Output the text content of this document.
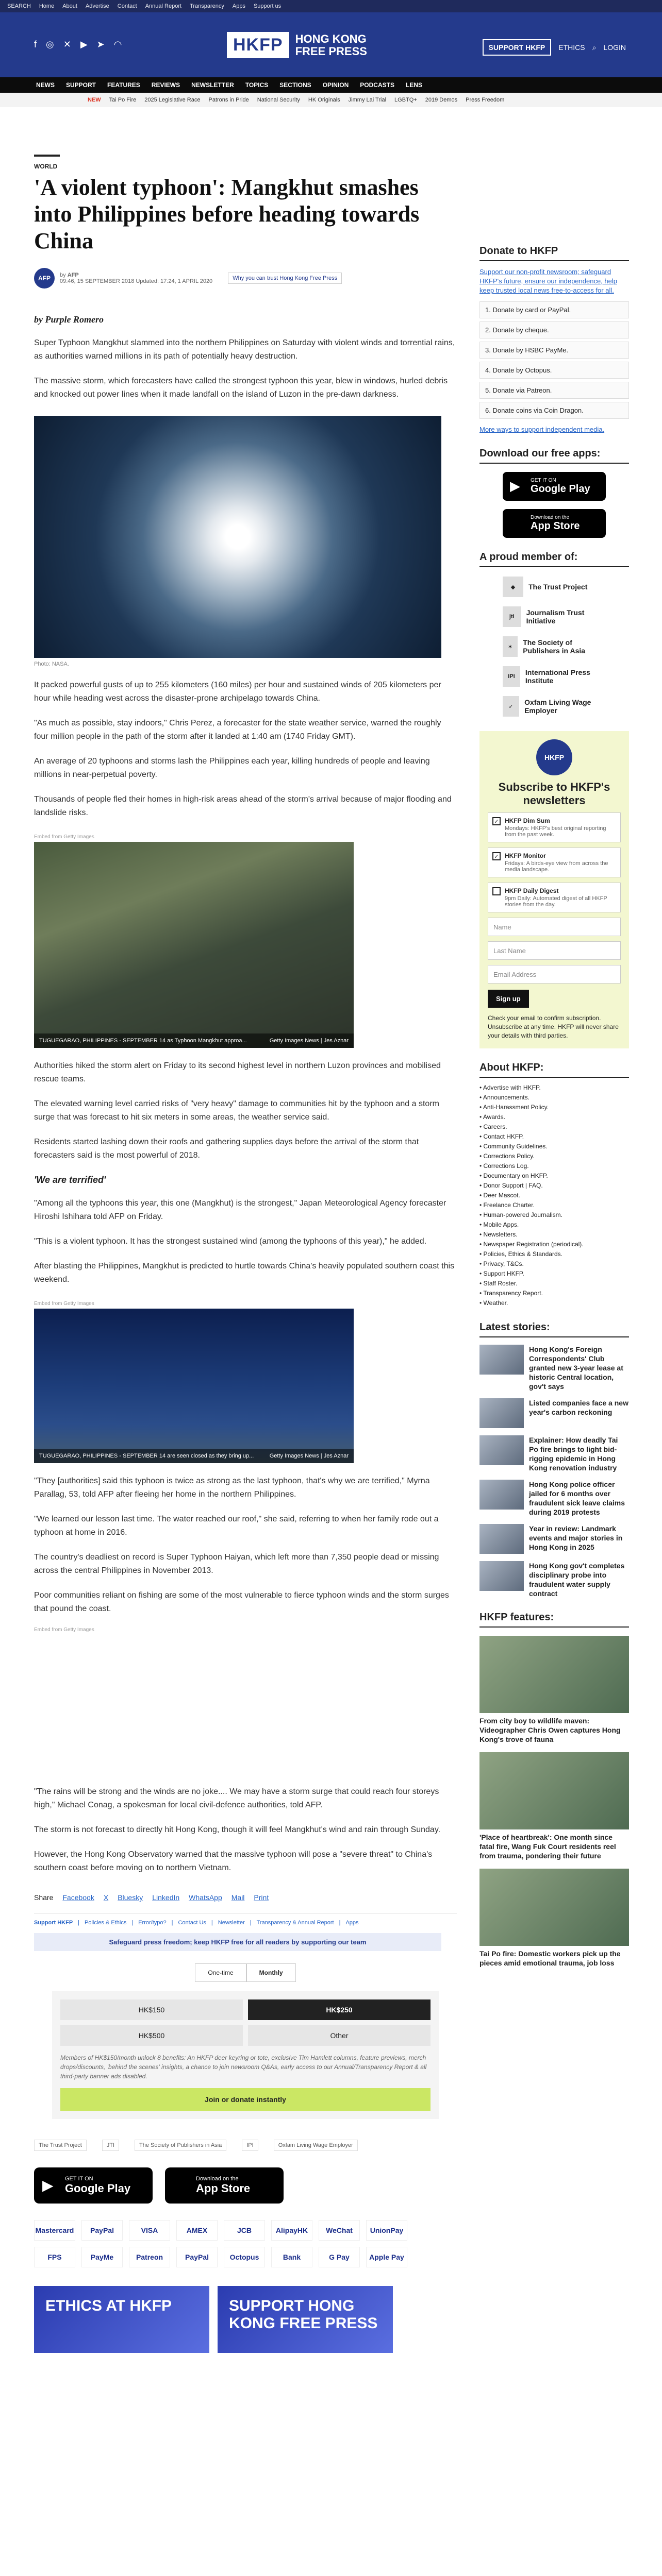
SEARCH Home About Advertise Contact Annual Report Transparency Apps Support us
f ◎ ✕ ▶ ➤ ◠	HKFP	HONG KONG
FREE PRESS	SUPPORT HKFP	ETHICS ⌕ LOGIN
NEWS SUPPORT FEATURES REVIEWS NEWSLETTER TOPICS SECTIONS OPINION PODCASTS LENS
NEW Tai Po Fire 2025 Legislative Race Patrons in Pride National Security HK Originals Jimmy Lai Trial LGBTQ+ 2019 Demos Press Freedom
WORLD
'A violent typhoon': Mangkhut smashes into Philippines before heading towards China
AFP	by AFP
09:46, 15 SEPTEMBER 2018 Updated: 17:24, 1 APRIL 2020	Why you can trust Hong Kong Free Press
by Purple Romero

Super Typhoon Mangkhut slammed into the northern Philippines on Saturday with violent winds and torrential rains, as authorities warned millions in its path of potentially heavy destruction.

The massive storm, which forecasters have called the strongest typhoon this year, blew in windows, hurled debris and knocked out power lines when it made landfall on the island of Luzon in the pre-dawn darkness.

Photo: NASA.

It packed powerful gusts of up to 255 kilometers (160 miles) per hour and sustained winds of 205 kilometers per hour while heading west across the disaster-prone archipelago towards China.

"As much as possible, stay indoors," Chris Perez, a forecaster for the state weather service, warned the roughly four million people in the path of the storm after it landed at 1:40 am (1740 Friday GMT).

An average of 20 typhoons and storms lash the Philippines each year, killing hundreds of people and leaving millions in near-perpetual poverty.

Thousands of people fled their homes in high-risk areas ahead of the storm's arrival because of major flooding and landslide risks.

Embed from Getty Images
TUGUEGARAO, PHILIPPINES - SEPTEMBER 14 as Typhoon Mangkhut approa...	Getty Images News | Jes Aznar

Authorities hiked the storm alert on Friday to its second highest level in northern Luzon provinces and mobilised rescue teams.

The elevated warning level carried risks of "very heavy" damage to communities hit by the typhoon and a storm surge that was forecast to hit six meters in some areas, the weather service said.

Residents started lashing down their roofs and gathering supplies days before the arrival of the storm that forecasters said is the most powerful of 2018.

'We are terrified'

"Among all the typhoons this year, this one (Mangkhut) is the strongest," Japan Meteorological Agency forecaster Hiroshi Ishihara told AFP on Friday.

"This is a violent typhoon. It has the strongest sustained wind (among the typhoons of this year)," he added.

After blasting the Philippines, Mangkhut is predicted to hurtle towards China's heavily populated southern coast this weekend.

Embed from Getty Images
TUGUEGARAO, PHILIPPINES - SEPTEMBER 14 are seen closed as they bring up...	Getty Images News | Jes Aznar

"They [authorities] said this typhoon is twice as strong as the last typhoon, that's why we are terrified," Myrna Parallag, 53, told AFP after fleeing her home in the northern Philippines.

"We learned our lesson last time. The water reached our roof," she said, referring to when her family rode out a typhoon at home in 2016.

The country's deadliest on record is Super Typhoon Haiyan, which left more than 7,350 people dead or missing across the central Philippines in November 2013.

Poor communities reliant on fishing are some of the most vulnerable to fierce typhoon winds and the storm surges that pound the coast.

Embed from Getty Images

"The rains will be strong and the winds are no joke.... We may have a storm surge that could reach four storeys high," Michael Conag, a spokesman for local civil-defence authorities, told AFP.

The storm is not forecast to directly hit Hong Kong, though it will feel Mangkhut's wind and rain through Sunday.

However, the Hong Kong Observatory warned that the massive typhoon will pose a "severe threat" to China's southern coast before moving on to northern Vietnam.

Share Facebook X Bluesky LinkedIn WhatsApp Mail Print
Support HKFP | Policies & Ethics | Error/typo? | Contact Us | Newsletter | Transparency & Annual Report | Apps
Safeguard press freedom; keep HKFP free for all readers by supporting our team
One-time	Monthly
HK$150	HK$250
HK$500	Other
Members of HK$150/month unlock 8 benefits: An HKFP deer keyring or tote, exclusive Tim Hamlett columns, feature previews, merch drops/discounts, 'behind the scenes' insights, a chance to join newsroom Q&As, early access to our Annual/Transparency Report & all third-party banner ads disabled.
Join or donate instantly
The Trust Project	JTI	The Society of Publishers in Asia	IPI	Oxfam Living Wage Employer
▶ GET IT ON
Google Play
Download on the
App Store
Mastercard	PayPal	VISA	AMEX	JCB	AlipayHK	WeChat	UnionPay
FPS	PayMe	Patreon	PayPal	Octopus	Bank	G Pay	Apple Pay
ETHICS AT HKFP	SUPPORT HONG KONG FREE PRESS
Donate to HKFP
Support our non-profit newsroom; safeguard HKFP's future, ensure our independence, help keep trusted local news free-to-access for all.
1. Donate by card or PayPal.
2. Donate by cheque.
3. Donate by HSBC PayMe.
4. Donate by Octopus.
5. Donate via Patreon.
6. Donate coins via Coin Dragon.
More ways to support independent media.
Download our free apps:
▶ GET IT ON
Google Play
Download on the
App Store
A proud member of:
◆	The Trust Project
jti	Journalism Trust Initiative
✶
The Society of Publishers in Asia
IPI	International Press Institute
✓
Oxfam Living Wage Employer
HKFP
Subscribe to HKFP's newsletters
✓ HKFP Dim Sum
Mondays: HKFP's best original reporting from the past week.
✓ HKFP Monitor
Fridays: A birds-eye view from across the media landscape.
HKFP Daily Digest
9pm Daily: Automated digest of all HKFP stories from the day.
Name
Last Name
Email Address
Sign up
Check your email to confirm subscription. Unsubscribe at any time. HKFP will never share your details with third parties.
About HKFP:
• Advertise with HKFP.
• Announcements.
• Anti-Harassment Policy.
• Awards.
• Careers.
• Contact HKFP.
• Community Guidelines.
• Corrections Policy.
• Corrections Log.
• Documentary on HKFP.
• Donor Support | FAQ.
• Deer Mascot.
• Freelance Charter.
• Human-powered Journalism.
• Mobile Apps.
• Newsletters.
• Newspaper Registration (periodical).
• Policies, Ethics & Standards.
• Privacy, T&Cs.
• Support HKFP.
• Staff Roster.
• Transparency Report.
• Weather.
Latest stories:
Hong Kong's Foreign Correspondents' Club granted new 3-year lease at historic Central location, gov't says
Listed companies face a new year's carbon reckoning
Explainer: How deadly Tai Po fire brings to light bid-rigging epidemic in Hong Kong renovation industry
Hong Kong police officer jailed for 6 months over fraudulent sick leave claims during 2019 protests
Year in review: Landmark events and major stories in Hong Kong in 2025
Hong Kong gov't completes disciplinary probe into fraudulent water supply contract
HKFP features:
From city boy to wildlife maven: Videographer Chris Owen captures Hong Kong's trove of fauna
'Place of heartbreak': One month since fatal fire, Wang Fuk Court residents reel from trauma, pondering their future
Tai Po fire: Domestic workers pick up the pieces amid emotional trauma, job loss
